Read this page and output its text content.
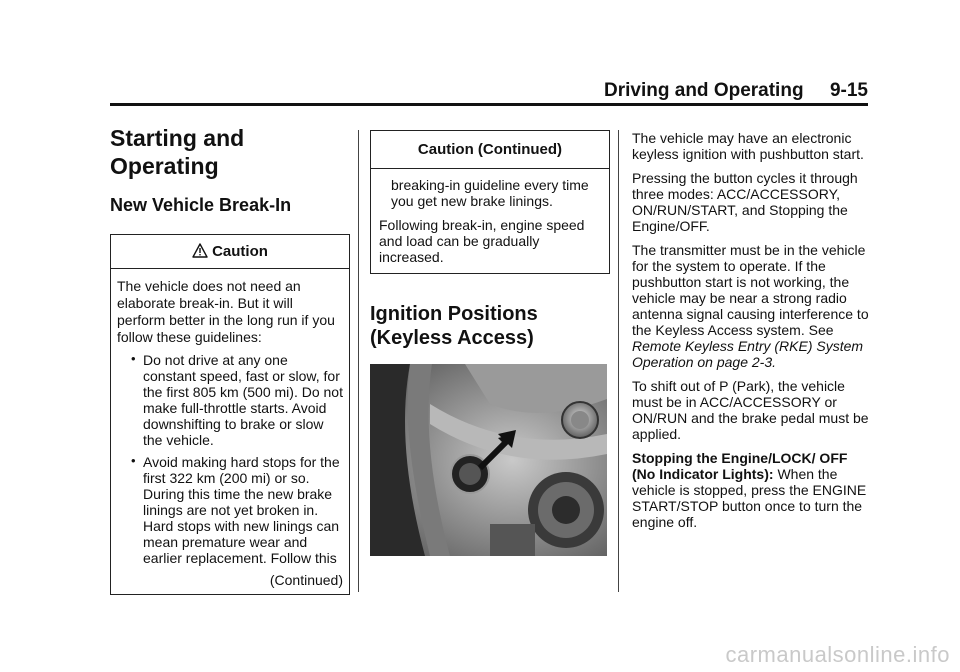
Driving and Operating 9-15
Starting and
Operating
New Vehicle Break-In
Caution

The vehicle does not need an elaborate break-in. But it will perform better in the long run if you follow these guidelines:

• Do not drive at any one constant speed, fast or slow, for the first 805 km (500 mi). Do not make full-throttle starts. Avoid downshifting to brake or slow the vehicle.
• Avoid making hard stops for the first 322 km (200 mi) or so. During this time the new brake linings are not yet broken in. Hard stops with new linings can mean premature wear and earlier replacement. Follow this
(Continued)
Caution (Continued)

breaking-in guideline every time you get new brake linings.

Following break-in, engine speed and load can be gradually increased.

Ignition Positions
(Keyless Access)

The vehicle may have an electronic keyless ignition with pushbutton start.

Pressing the button cycles it through three modes: ACC/ACCESSORY, ON/RUN/START, and Stopping the Engine/OFF.

The transmitter must be in the vehicle for the system to operate. If the pushbutton start is not working, the vehicle may be near a strong radio antenna signal causing interference to the Keyless Access system. See Remote Keyless Entry (RKE) System Operation on page 2-3.

To shift out of P (Park), the vehicle must be in ACC/ACCESSORY or ON/RUN and the brake pedal must be applied.

Stopping the Engine/LOCK/ OFF (No Indicator Lights): When the vehicle is stopped, press the ENGINE START/STOP button once to turn the engine off.

carmanualsonline.info
